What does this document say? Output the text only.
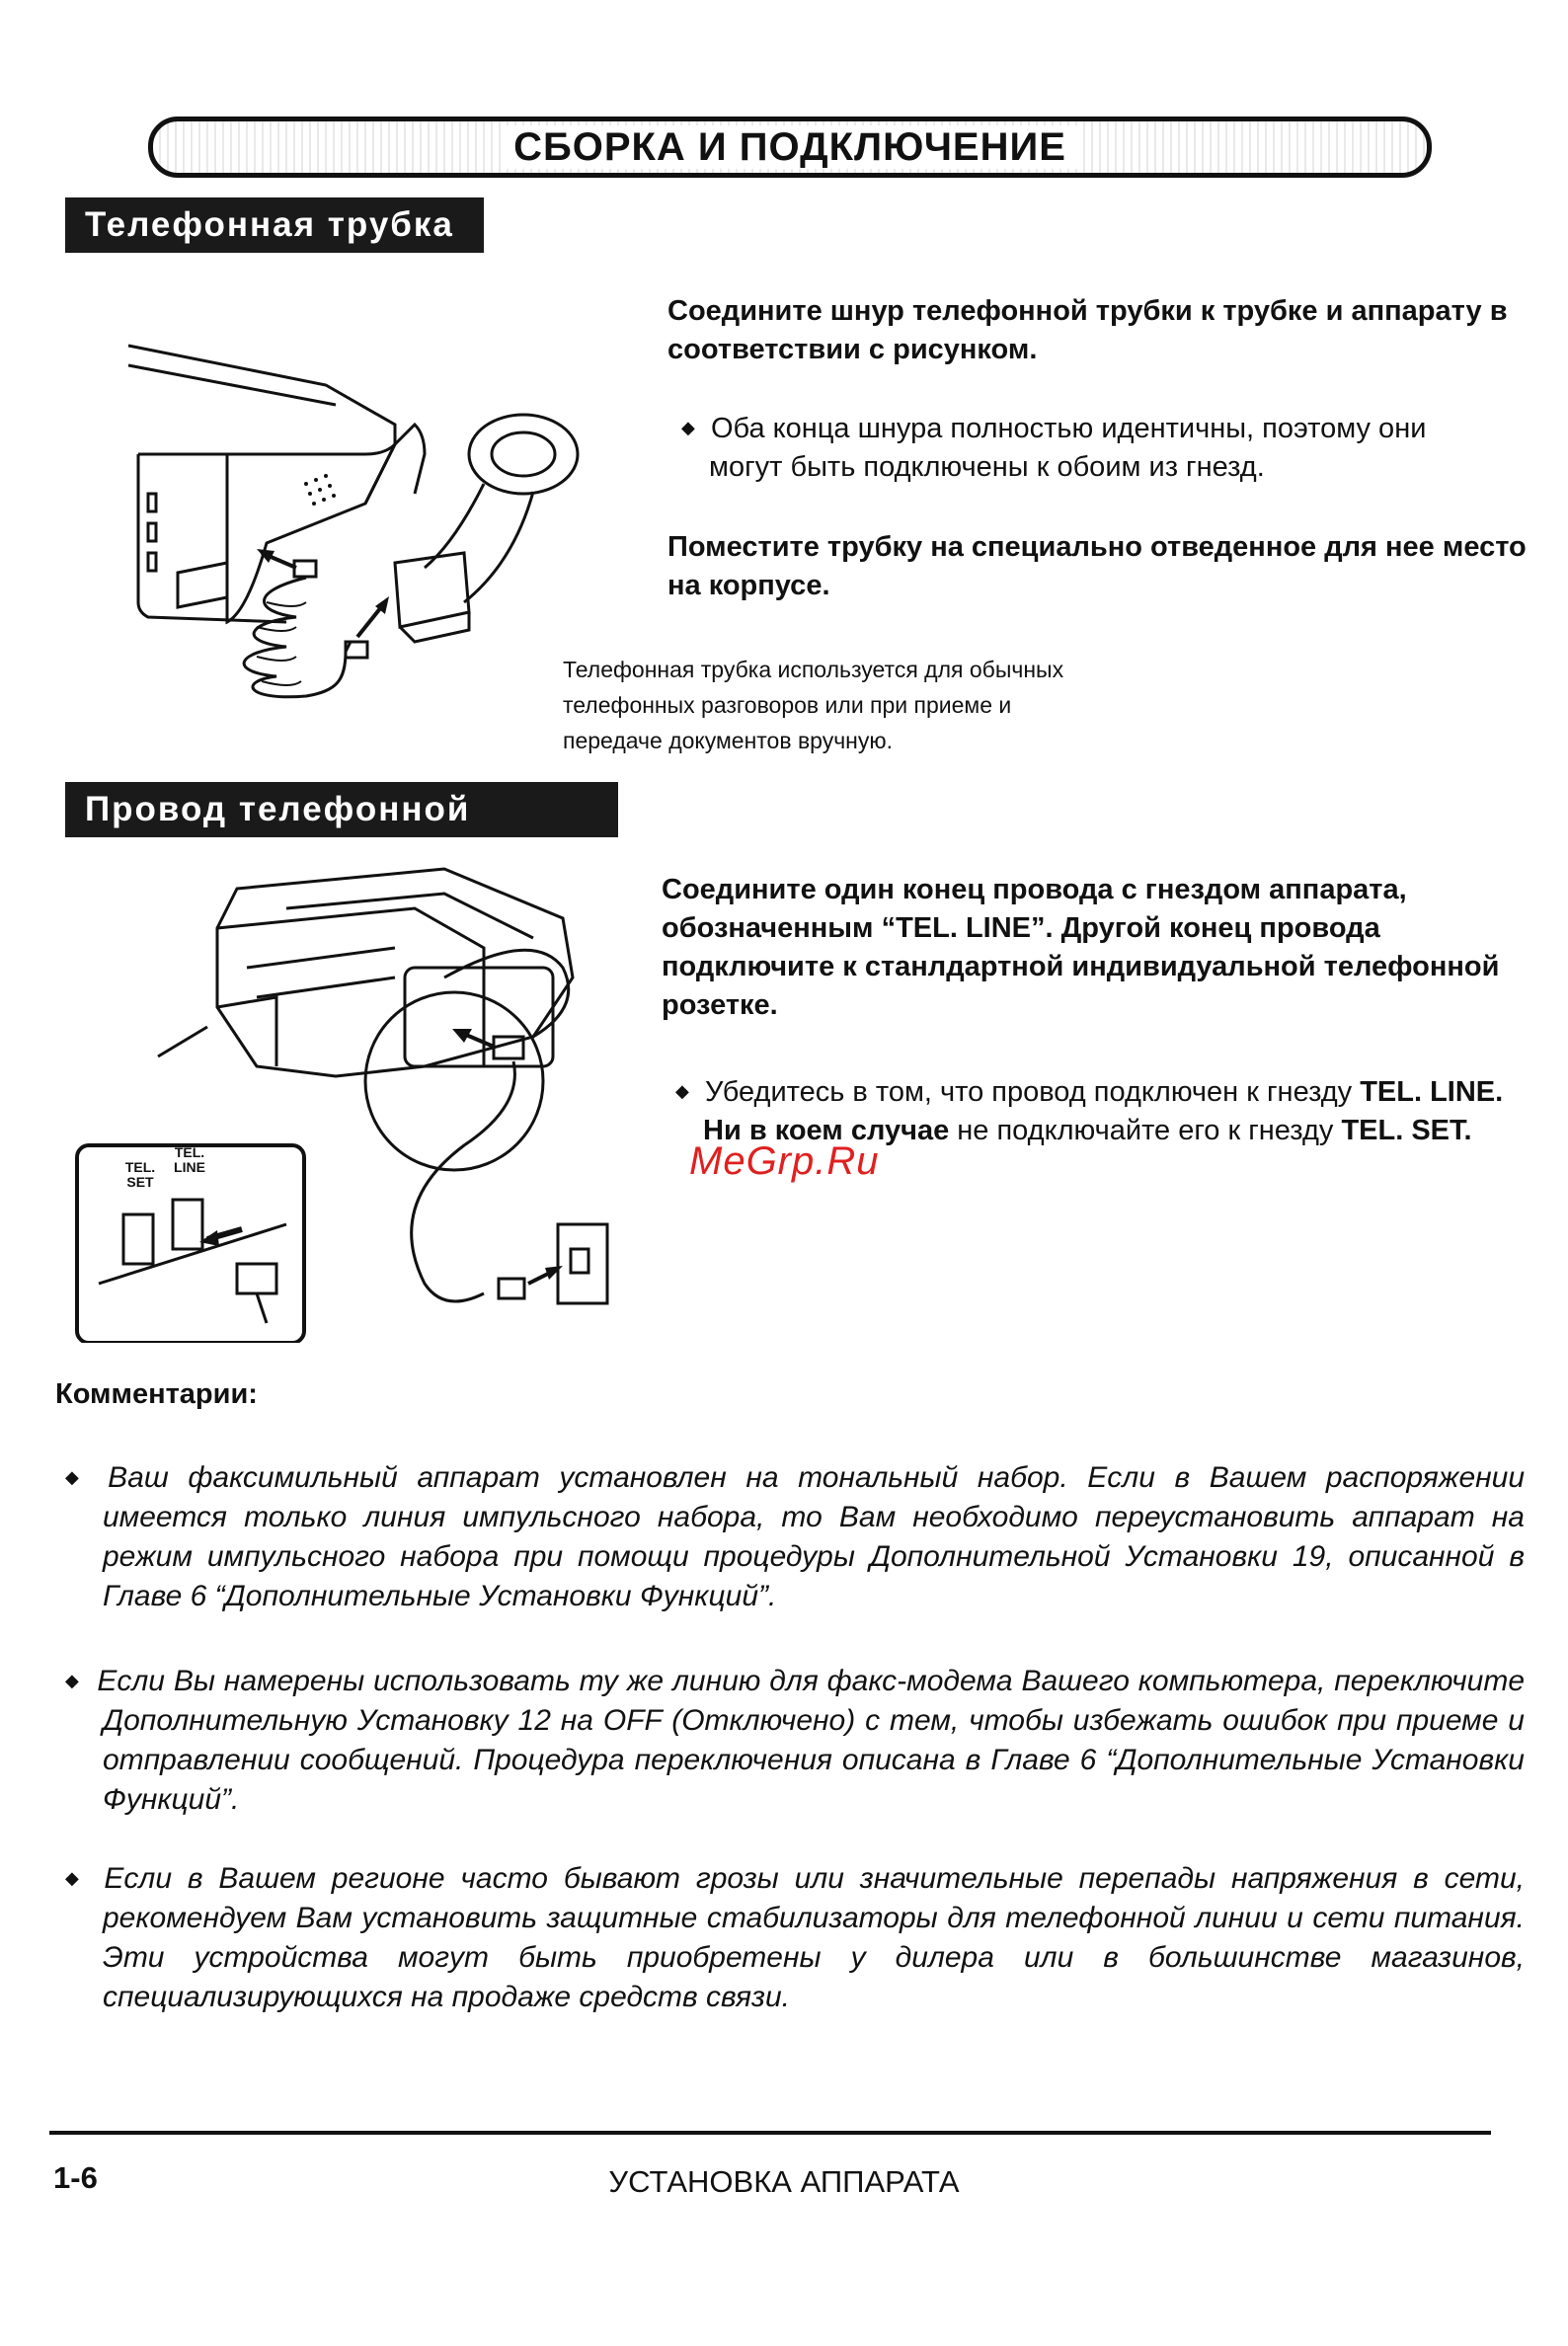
СБОРКА И ПОДКЛЮЧЕНИЕ
Телефонная трубка
Соедините шнур телефонной трубки к трубке и аппарату в соответствии с рисунком.
◆ Оба конца шнура полностью идентичны, поэтому они могут быть подключены к обоим из гнезд.
Поместите трубку на специально отведенное для нее место на корпусе.
Телефонная трубка используется для обычных телефонных разговоров или при приеме и передаче документов вручную.
Провод телефонной линии
TEL. SET
TEL. LINE
Соедините один конец провода с гнездом аппарата, обозначенным “TEL. LINE”. Другой конец провода подключите к станлдартной индивидуальной телефонной розетке.
◆ Убедитесь в том, что провод подключен к гнезду TEL. LINE. Ни в коем случае не подключайте его к гнезду TEL. SET.
MeGrp.Ru
Комментарии:
◆ Ваш факсимильный аппарат установлен на тональный набор. Если в Вашем распоряжении имеется только линия импульсного набора, то Вам необходимо переустановить аппарат на режим импульсного набора при помощи процедуры Дополнительной Установки 19, описанной в Главе 6 “Дополнительные Установки Функций”.
◆ Если Вы намерены использовать ту же линию для факс-модема Вашего компьютера, переключите Дополнительную Установку 12 на OFF (Отключено) с тем, чтобы избежать ошибок при приеме и отправлении сообщений. Процедура переключения описана в Главе 6 “Дополнительные Установки Функций”.
◆ Если в Вашем регионе часто бывают грозы или значительные перепады напряжения в сети, рекомендуем Вам установить защитные стабилизаторы для телефонной линии и сети питания. Эти устройства могут быть приобретены у дилера или в большинстве магазинов, специализирующихся на продаже средств связи.
1-6	УСТАНОВКА АППАРАТА
